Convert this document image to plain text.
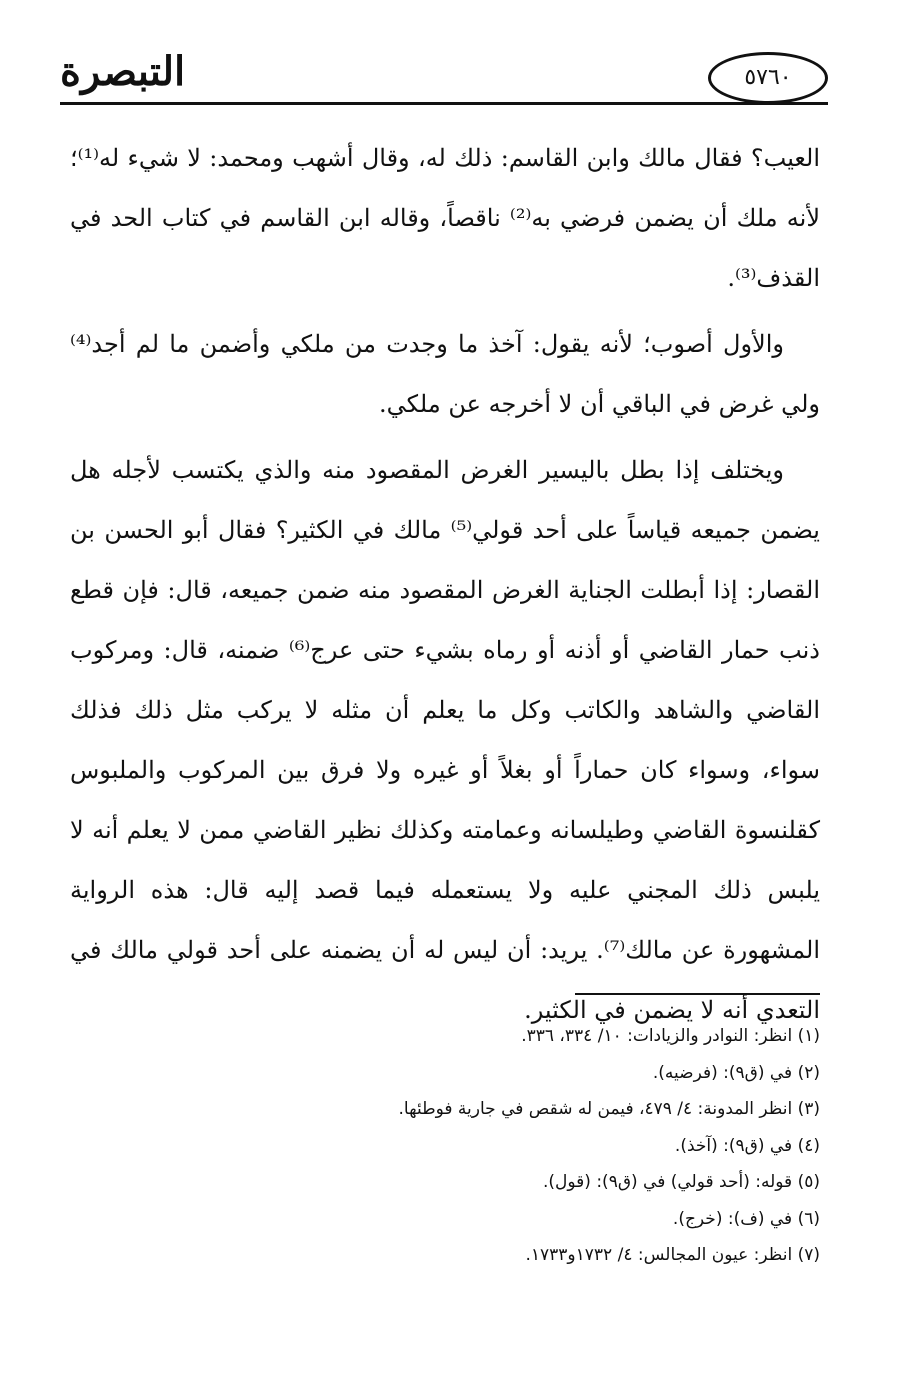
التبصرة	٥٧٦٠

العيب؟ فقال مالك وابن القاسم: ذلك له، وقال أشهب ومحمد: لا شيء له⁽¹⁾؛ لأنه ملك أن يضمن فرضي به⁽²⁾ ناقصاً، وقاله ابن القاسم في كتاب الحد في القذف⁽³⁾.

والأول أصوب؛ لأنه يقول: آخذ ما وجدت من ملكي وأضمن ما لم أجد⁽⁴⁾ ولي غرض في الباقي أن لا أخرجه عن ملكي.

ويختلف إذا بطل باليسير الغرض المقصود منه والذي يكتسب لأجله هل يضمن جميعه قياساً على أحد قولي⁽⁵⁾ مالك في الكثير؟ فقال أبو الحسن بن القصار: إذا أبطلت الجناية الغرض المقصود منه ضمن جميعه، قال: فإن قطع ذنب حمار القاضي أو أذنه أو رماه بشيء حتى عرج⁽⁶⁾ ضمنه، قال: ومركوب القاضي والشاهد والكاتب وكل ما يعلم أن مثله لا يركب مثل ذلك فذلك سواء، وسواء كان حماراً أو بغلاً أو غيره ولا فرق بين المركوب والملبوس كقلنسوة القاضي وطيلسانه وعمامته وكذلك نظير القاضي ممن لا يعلم أنه لا يلبس ذلك المجني عليه ولا يستعمله فيما قصد إليه قال: هذه الرواية المشهورة عن مالك⁽⁷⁾. يريد: أن ليس له أن يضمنه على أحد قولي مالك في التعدي أنه لا يضمن في الكثير.

(١) انظر: النوادر والزيادات: ١٠/ ٣٣٤، ٣٣٦.

(٢) في (ق٩): (فرضيه).

(٣) انظر المدونة: ٤/ ٤٧٩، فيمن له شقص في جارية فوطئها.

(٤) في (ق٩): (آخذ).

(٥) قوله: (أحد قولي) في (ق٩): (قول).

(٦) في (ف): (خرج).

(٧) انظر: عيون المجالس: ٤/ ١٧٣٢و١٧٣٣.
